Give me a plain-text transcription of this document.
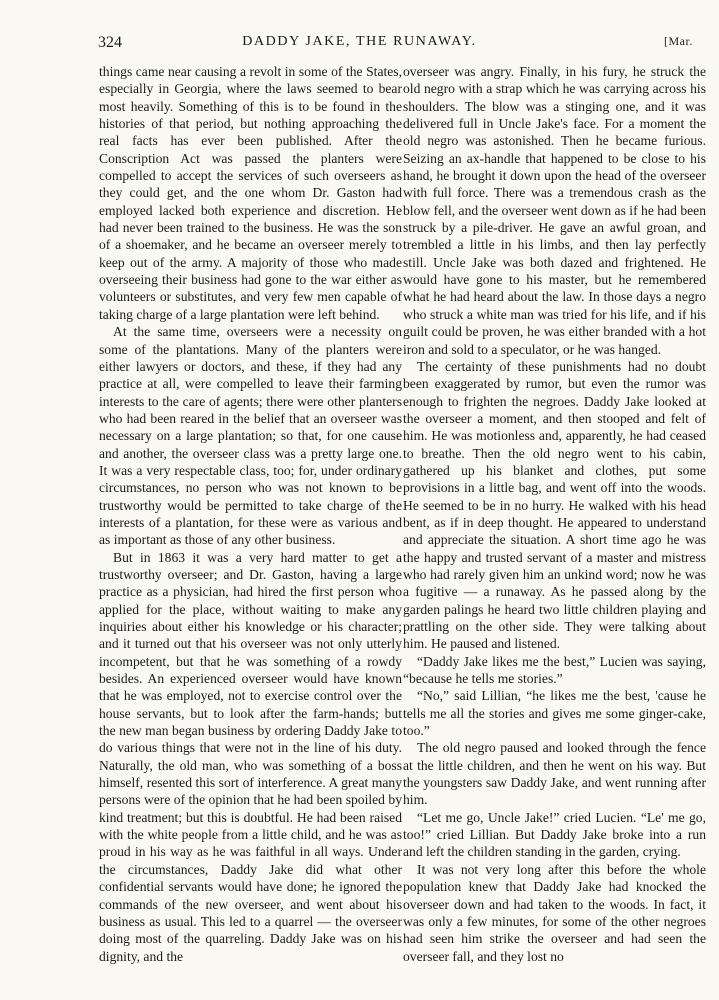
324	DADDY JAKE, THE RUNAWAY.	[Mar.

things came near causing a revolt in some of the States, especially in Georgia, where the laws seemed to bear most heavily. Something of this is to be found in the histories of that period, but nothing approaching the real facts has ever been published. After the Conscription Act was passed the planters were compelled to accept the services of such overseers as they could get, and the one whom Dr. Gaston had employed lacked both experience and discretion. He had never been trained to the business. He was the son of a shoemaker, and he became an overseer merely to keep out of the army. A majority of those who made overseeing their business had gone to the war either as volunteers or substitutes, and very few men capable of taking charge of a large plantation were left behind.

At the same time, overseers were a necessity on some of the plantations. Many of the planters were either lawyers or doctors, and these, if they had any practice at all, were compelled to leave their farming interests to the care of agents; there were other planters who had been reared in the belief that an overseer was necessary on a large plantation; so that, for one cause and another, the overseer class was a pretty large one. It was a very respectable class, too; for, under ordinary circumstances, no person who was not known to be trustworthy would be permitted to take charge of the interests of a plantation, for these were as various and as important as those of any other business.

But in 1863 it was a very hard matter to get a trustworthy overseer; and Dr. Gaston, having a large practice as a physician, had hired the first person who applied for the place, without waiting to make any inquiries about either his knowledge or his character; and it turned out that his overseer was not only utterly incompetent, but that he was something of a rowdy besides. An experienced overseer would have known that he was employed, not to exercise control over the house servants, but to look after the farm-hands; but the new man began business by ordering Daddy Jake to do various things that were not in the line of his duty. Naturally, the old man, who was something of a boss himself, resented this sort of interference. A great many persons were of the opinion that he had been spoiled by kind treatment; but this is doubtful. He had been raised with the white people from a little child, and he was as proud in his way as he was faithful in all ways. Under the circumstances, Daddy Jake did what other confidential servants would have done; he ignored the commands of the new overseer, and went about his business as usual. This led to a quarrel — the overseer doing most of the quarreling. Daddy Jake was on his dignity, and the

overseer was angry. Finally, in his fury, he struck the old negro with a strap which he was carrying across his shoulders. The blow was a stinging one, and it was delivered full in Uncle Jake's face. For a moment the old negro was astonished. Then he became furious. Seizing an ax-handle that happened to be close to his hand, he brought it down upon the head of the overseer with full force. There was a tremendous crash as the blow fell, and the overseer went down as if he had been struck by a pile-driver. He gave an awful groan, and trembled a little in his limbs, and then lay perfectly still. Uncle Jake was both dazed and frightened. He would have gone to his master, but he remembered what he had heard about the law. In those days a negro who struck a white man was tried for his life, and if his guilt could be proven, he was either branded with a hot iron and sold to a speculator, or he was hanged.

The certainty of these punishments had no doubt been exaggerated by rumor, but even the rumor was enough to frighten the negroes. Daddy Jake looked at the overseer a moment, and then stooped and felt of him. He was motionless and, apparently, he had ceased to breathe. Then the old negro went to his cabin, gathered up his blanket and clothes, put some provisions in a little bag, and went off into the woods. He seemed to be in no hurry. He walked with his head bent, as if in deep thought. He appeared to understand and appreciate the situation. A short time ago he was the happy and trusted servant of a master and mistress who had rarely given him an unkind word; now he was a fugitive — a runaway. As he passed along by the garden palings he heard two little children playing and prattling on the other side. They were talking about him. He paused and listened.

“Daddy Jake likes me the best,” Lucien was saying, “because he tells me stories.”

“No,” said Lillian, “he likes me the best, 'cause he tells me all the stories and gives me some ginger-cake, too.”

The old negro paused and looked through the fence at the little children, and then he went on his way. But the youngsters saw Daddy Jake, and went running after him.

“Let me go, Uncle Jake!” cried Lucien. “Le' me go, too!” cried Lillian. But Daddy Jake broke into a run and left the children standing in the garden, crying.

It was not very long after this before the whole population knew that Daddy Jake had knocked the overseer down and had taken to the woods. In fact, it was only a few minutes, for some of the other negroes had seen him strike the overseer and had seen the overseer fall, and they lost no
